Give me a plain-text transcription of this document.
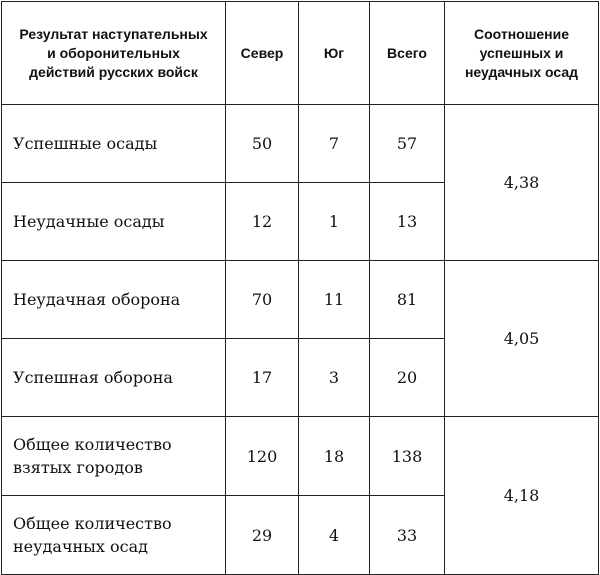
Результат наступательных и оборонительных действий русских войск	Север	Юг	Всего	Соотношение успешных и неудачных осад
Успешные осады	50	7	57	4,38
Неудачные осады	12	1	13	
Неудачная оборона	70	11	81	4,05
Успешная оборона	17	3	20	
Общее количество взятых городов	120	18	138	4,18
Общее количество неудачных осад	29	4	33	
